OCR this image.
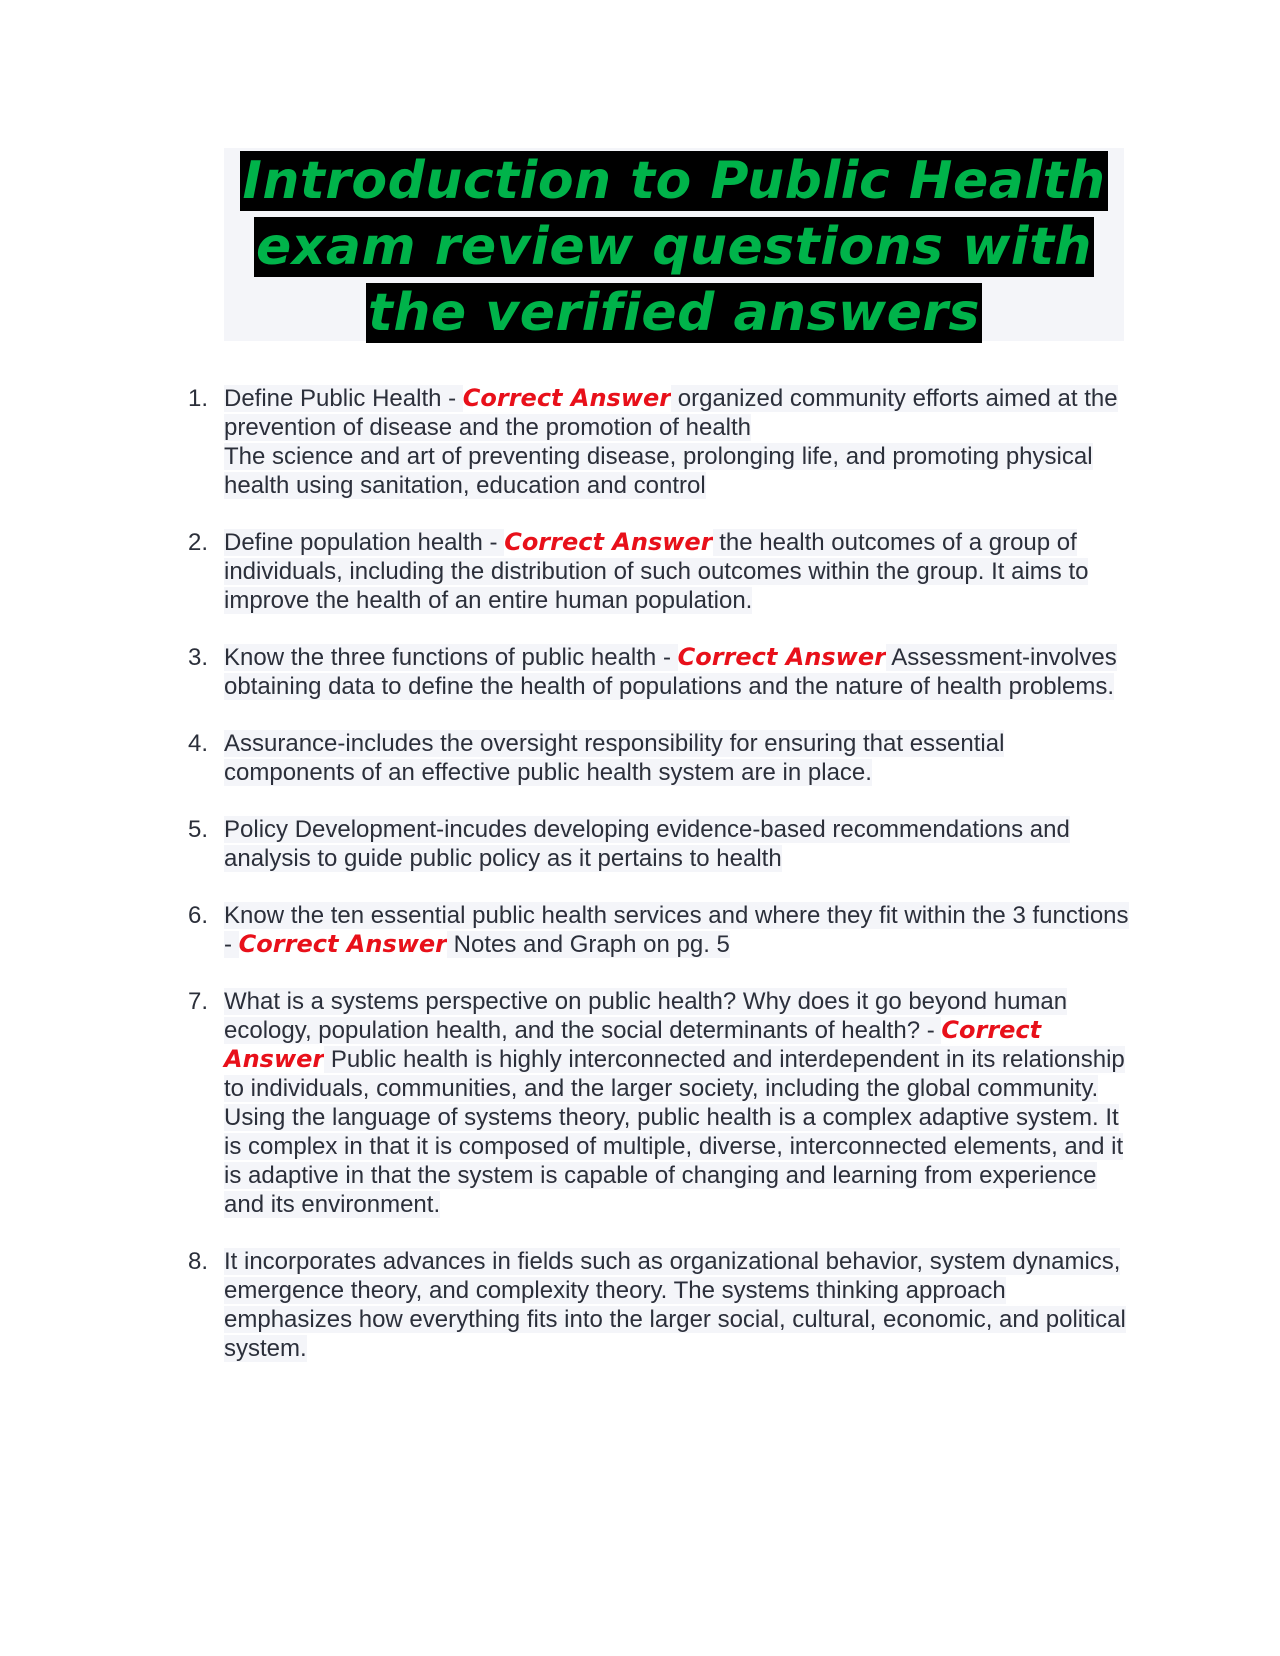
Introduction to Public Health
exam review questions with
the verified answers
1. Define Public Health - Correct Answer organized community efforts aimed at the prevention of disease and the promotion of health
The science and art of preventing disease, prolonging life, and promoting physical health using sanitation, education and control
2. Define population health - Correct Answer the health outcomes of a group of individuals, including the distribution of such outcomes within the group. It aims to improve the health of an entire human population.
3. Know the three functions of public health - Correct Answer Assessment-involves obtaining data to define the health of populations and the nature of health problems.
4. Assurance-includes the oversight responsibility for ensuring that essential components of an effective public health system are in place.
5. Policy Development-incudes developing evidence-based recommendations and analysis to guide public policy as it pertains to health
6. Know the ten essential public health services and where they fit within the 3 functions - Correct Answer Notes and Graph on pg. 5
7. What is a systems perspective on public health? Why does it go beyond human ecology, population health, and the social determinants of health? - Correct Answer Public health is highly interconnected and interdependent in its relationship to individuals, communities, and the larger society, including the global community. Using the language of systems theory, public health is a complex adaptive system. It is complex in that it is composed of multiple, diverse, interconnected elements, and it is adaptive in that the system is capable of changing and learning from experience and its environment.
8. It incorporates advances in fields such as organizational behavior, system dynamics, emergence theory, and complexity theory. The systems thinking approach emphasizes how everything fits into the larger social, cultural, economic, and political system.
